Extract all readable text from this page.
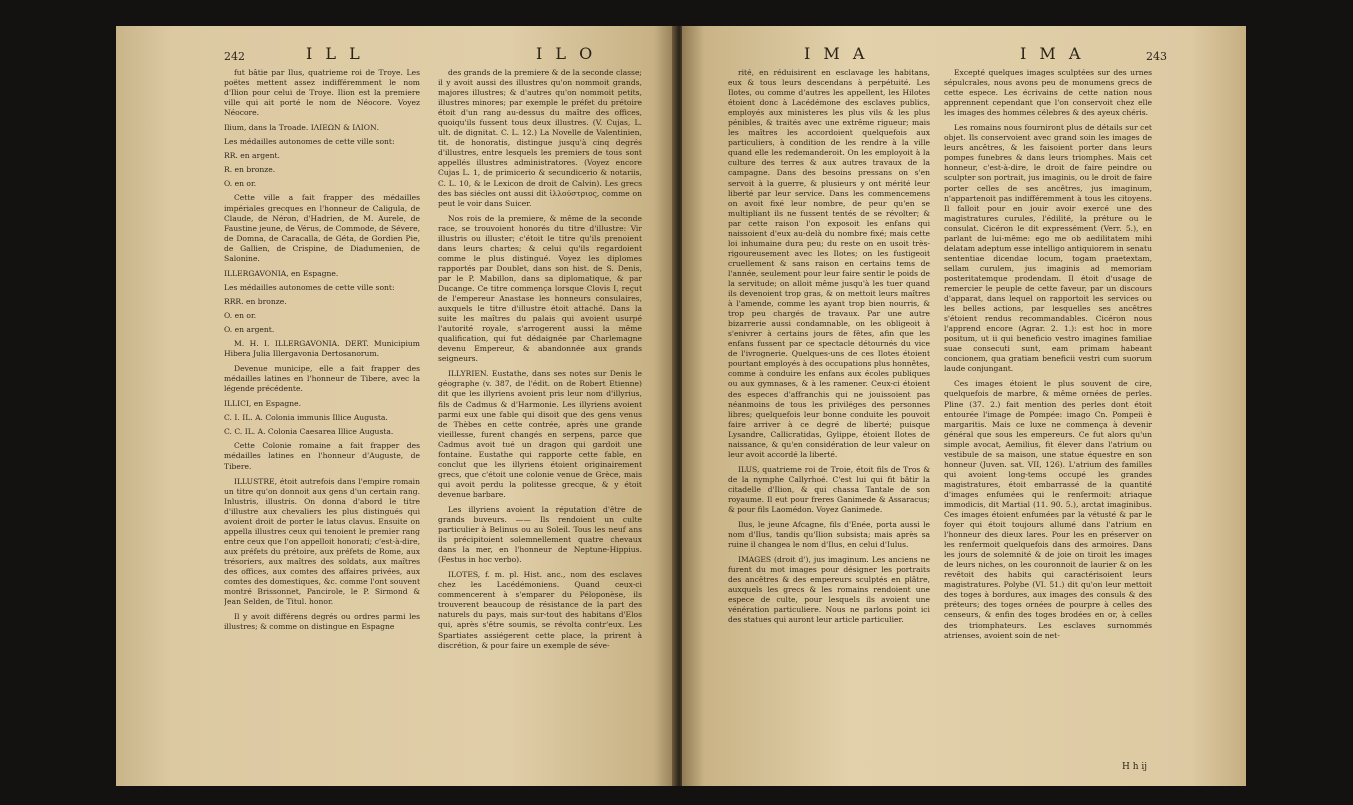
242	I L L	I L O

fut bâtie par Ilus, quatrieme roi de Troye. Les poëtes mettent assez indifféremment le nom d'Ilion pour celui de Troye. Ilion est la premiere ville qui ait porté le nom de Néocore. Voyez Néocore.

Ilium, dans la Troade. ΙΛΙΕΩΝ & ΙΛΙΟΝ.

Les médailles autonomes de cette ville sont:

RR. en argent.

R. en bronze.

O. en or.

Cette ville a fait frapper des médailles impériales grecques en l'honneur de Caligula, de Claude, de Néron, d'Hadrien, de M. Aurele, de Faustine jeune, de Vérus, de Commode, de Sévere, de Domna, de Caracalla, de Géta, de Gordien Pie, de Gallien, de Crispine, de Diadumenien, de Salonine.

ILLERGAVONIA, en Espagne.

Les médailles autonomes de cette ville sont:

RRR. en bronze.

O. en or.

O. en argent.

M. H. I. ILLERGAVONIA. DERT. Municipium Hibera Julia Illergavonia Dertosanorum.

Devenue municipe, elle a fait frapper des médailles latines en l'honneur de Tibere, avec la légende précédente.

ILLICI, en Espagne.

C. I. IL. A. Colonia immunis Illice Augusta.

C. C. IL. A. Colonia Caesarea Illice Augusta.

Cette Colonie romaine a fait frapper des médailles latines en l'honneur d'Auguste, de Tibere.

ILLUSTRE, étoit autrefois dans l'empire romain un titre qu'on donnoit aux gens d'un certain rang. Inlustris, illustris. On donna d'abord le titre d'illustre aux chevaliers les plus distingués qui avoient droit de porter le latus clavus. Ensuite on appella illustres ceux qui tenoient le premier rang entre ceux que l'on appelloit honorati; c'est-à-dire, aux préfets du prétoire, aux préfets de Rome, aux trésoriers, aux maîtres des soldats, aux maîtres des offices, aux comtes des affaires privées, aux comtes des domestiques, &c. comme l'ont souvent montré Brissonnet, Pancirole, le P. Sirmond & Jean Selden, de Titul. honor.

Il y avoit différens degrés ou ordres parmi les illustres; & comme on distingue en Espagne

des grands de la premiere & de la seconde classe; il y avoit aussi des illustres qu'on nommoit grands, majores illustres; & d'autres qu'on nommoit petits, illustres minores; par exemple le préfet du prétoire étoit d'un rang au-dessus du maître des offices, quoiqu'ils fussent tous deux illustres. (V. Cujas, L. ult. de dignitat. C. L. 12.) La Novelle de Valentinien, tit. de honoratis, distingue jusqu'à cinq degrés d'illustres, entre lesquels les premiers de tous sont appellés illustres administratores. (Voyez encore Cujas L. 1, de primicerio & secundicerio & notariis, C. L. 10, & le Lexicon de droit de Calvin). Les grecs des bas siécles ont aussi dit ἰλλούστριος, comme on peut le voir dans Suicer.

Nos rois de la premiere, & même de la seconde race, se trouvoient honorés du titre d'illustre: Vir illustris ou illuster; c'étoit le titre qu'ils prenoient dans leurs chartes; & celui qu'ils regardoient comme le plus distingué. Voyez les diplomes rapportés par Doublet, dans son hist. de S. Denis, par le P. Mabillon, dans sa diplomatique, & par Ducange. Ce titre commença lorsque Clovis I, reçut de l'empereur Anastase les honneurs consulaires, auxquels le titre d'illustre étoit attaché. Dans la suite les maîtres du palais qui avoient usurpé l'autorité royale, s'arrogerent aussi la même qualification, qui fut dédaignée par Charlemagne devenu Empereur, & abandonnée aux grands seigneurs.

ILLYRIEN. Eustathe, dans ses notes sur Denis le géographe (v. 387, de l'édit. on de Robert Etienne) dit que les illyriens avoient pris leur nom d'illyrius, fils de Cadmus & d'Harmonie. Les illyriens avoient parmi eux une fable qui disoit que des gens venus de Thèbes en cette contrée, après une grande vieillesse, furent changés en serpens, parce que Cadmus avoit tué un dragon qui gardoit une fontaine. Eustathe qui rapporte cette fable, en conclut que les illyriens étoient originairement grecs, que c'étoit une colonie venue de Grèce, mais qui avoit perdu la politesse grecque, & y étoit devenue barbare.

Les illyriens avoient la réputation d'être de grands buveurs. —— Ils rendoient un culte particulier à Belinus ou au Soleil. Tous les neuf ans ils précipitoient solemnellement quatre chevaux dans la mer, en l'honneur de Neptune-Hippius. (Festus in hoc verbo).

ILOTES, f. m. pl. Hist. anc., nom des esclaves chez les Lacédémoniens. Quand ceux-ci commencerent à s'emparer du Péloponèse, ils trouverent beaucoup de résistance de la part des naturels du pays, mais sur-tout des habitans d'Elos qui, après s'être soumis, se révolta contr'eux. Les Spartiates assiégerent cette place, la prirent à discrétion, & pour faire un exemple de séve-

I M A	I M A	243

rité, en réduisirent en esclavage les habitans, eux & tous leurs descendans à perpétuité. Les Ilotes, ou comme d'autres les appellent, les Hilotes étoient donc à Lacédémone des esclaves publics, employés aux ministeres les plus vils & les plus pénibles, & traités avec une extrême rigueur; mais les maîtres les accordoient quelquefois aux particuliers, à condition de les rendre à la ville quand elle les redemanderoit. On les employoit à la culture des terres & aux autres travaux de la campagne. Dans des besoins pressans on s'en servoit à la guerre, & plusieurs y ont mérité leur liberté par leur service. Dans les commencemens on avoit fixé leur nombre, de peur qu'en se multipliant ils ne fussent tentés de se révolter; & par cette raison l'on exposoit les enfans qui naissoient d'eux au-delà du nombre fixé; mais cette loi inhumaine dura peu; du reste on en usoit très-rigoureusement avec les Ilotes; on les fustigeoit cruellement & sans raison en certains tems de l'année, seulement pour leur faire sentir le poids de la servitude; on alloit même jusqu'à les tuer quand ils devenoient trop gras, & on mettoit leurs maîtres à l'amende, comme les ayant trop bien nourris, & trop peu chargés de travaux. Par une autre bizarrerie aussi condamnable, on les obligeoit à s'enivrer à certains jours de fêtes, afin que les enfans fussent par ce spectacle détournés du vice de l'ivrognerie. Quelques-uns de ces Ilotes étoient pourtant employés à des occupations plus honnêtes, comme à conduire les enfans aux écoles publiques ou aux gymnases, & à les ramener. Ceux-ci étoient des especes d'affranchis qui ne jouissoient pas néanmoins de tous les priviléges des personnes libres; quelquefois leur bonne conduite les pouvoit faire arriver à ce degré de liberté; puisque Lysandre, Callicratidas, Gylippe, étoient Ilotes de naissance, & qu'en considération de leur valeur on leur avoit accordé la liberté.

ILUS, quatrieme roi de Troie, étoit fils de Tros & de la nymphe Callyrhoé. C'est lui qui fit bâtir la citadelle d'Ilion, & qui chassa Tantale de son royaume. Il eut pour freres Ganimede & Assaracus; & pour fils Laomédon. Voyez Ganimede.

Ilus, le jeune Afcagne, fils d'Enée, porta aussi le nom d'Ilus, tandis qu'Ilion subsista; mais après sa ruine il changea le nom d'Ilus, en celui d'Iulus.

IMAGES (droit d'), jus imaginum. Les anciens ne furent du mot images pour désigner les portraits des ancêtres & des empereurs sculptés en plâtre, auxquels les grecs & les romains rendoient une espece de culte, pour lesquels ils avoient une vénération particuliere. Nous ne parlons point ici des statues qui auront leur article particulier.

Excepté quelques images sculptées sur des urnes sépulcrales, nous avons peu de monumens grecs de cette espece. Les écrivains de cette nation nous apprennent cependant que l'on conservoit chez elle les images des hommes célebres & des ayeux chéris.

Les romains nous fourniront plus de détails sur cet objet. Ils conservoient avec grand soin les images de leurs ancêtres, & les faisoient porter dans leurs pompes funebres & dans leurs triomphes. Mais cet honneur, c'est-à-dire, le droit de faire peindre ou sculpter son portrait, jus imaginis, ou le droit de faire porter celles de ses ancêtres, jus imaginum, n'appartenoit pas indifféremment à tous les citoyens. Il falloit pour en jouir avoir exercé une des magistratures curules, l'édilité, la préture ou le consulat. Cicéron le dit expressément (Verr. 5.), en parlant de lui-même: ego me ob aedilitatem mihi delatam adeptum esse intelligo antiquiorem in senatu sententiae dicendae locum, togam praetextam, sellam curulem, jus imaginis ad memoriam posteritatemque prodendam. Il étoit d'usage de remercier le peuple de cette faveur, par un discours d'apparat, dans lequel on rapportoit les services ou les belles actions, par lesquelles ses ancêtres s'étoient rendus recommandables. Cicéron nous l'apprend encore (Agrar. 2. 1.): est hoc in more positum, ut ii qui beneficio vestro imagines familiae suae consecuti sunt, eam primam habeant concionem, qua gratiam beneficii vestri cum suorum laude conjungant.

Ces images étoient le plus souvent de cire, quelquefois de marbre, & même ornées de perles. Pline (37. 2.) fait mention des perles dont étoit entourée l'image de Pompée: imago Cn. Pompeii è margaritis. Mais ce luxe ne commença à devenir général que sous les empereurs. Ce fut alors qu'un simple avocat, Aemilius, fit élever dans l'atrium ou vestibule de sa maison, une statue équestre en son honneur (Juven. sat. VII, 126). L'atrium des familles qui avoient long-tems occupé les grandes magistratures, étoit embarrassé de la quantité d'images enfumées qui le renfermoit: atriaque immodicis, dit Martial (11. 90. 5.), arctat imaginibus. Ces images étoient enfumées par la vétusté & par le foyer qui étoit toujours allumé dans l'atrium en l'honneur des dieux lares. Pour les en préserver on les renfermoit quelquefois dans des armoires. Dans les jours de solemnité & de joie on tiroit les images de leurs niches, on les couronnoit de laurier & on les revêtoit des habits qui caractérisoient leurs magistratures. Polybe (VI. 51.) dit qu'on leur mettoit des toges à bordures, aux images des consuls & des préteurs; des toges ornées de pourpre à celles des censeurs, & enfin des toges brodées en or, à celles des triomphateurs. Les esclaves surnommés atrienses, avoient soin de net-

H h ij
